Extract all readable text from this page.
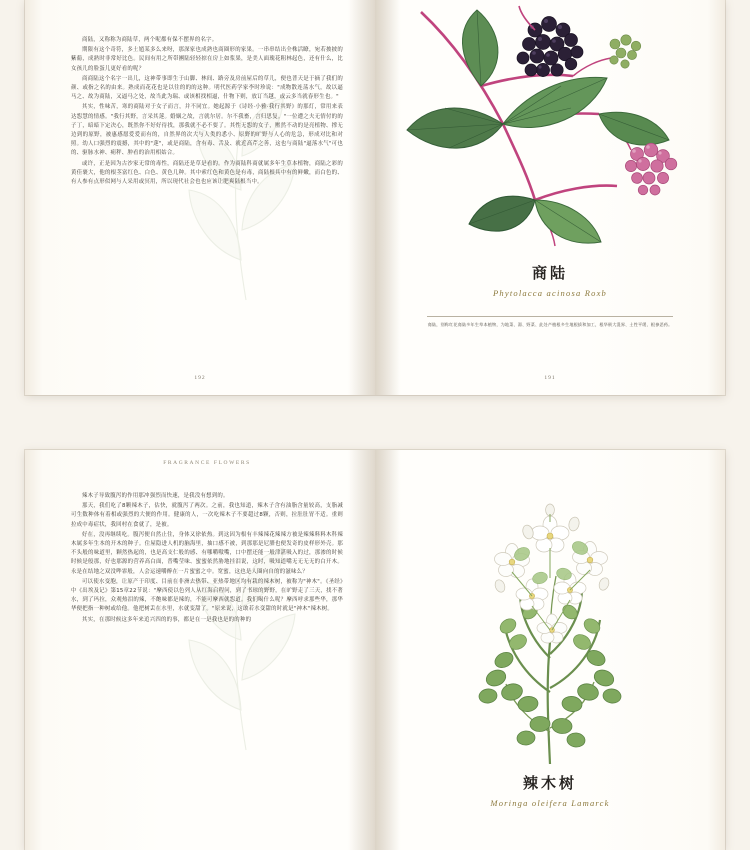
商陆，又称称为商陆草，两个呢都有保不摆界的名字。

期限有这个奇符，多土馗某多么来呀，那深家也成熟也商圈形的家果。一串串结出全株活瞭，宛若披披的紫葡，成熟时非常好比色。民间有用之所帯團陆轻轻掠在房上如浆果，是美人面瑰花粗林起色，还有什么，比女孩儿的脸蛋儿更好看的呢？

商商陆这个名字一出儿，这神带事即生于山脚、林间、路旁及房前屋后的草儿，便也普天是于摘了我们的颜、或指之名的由来。熟成而花花也是以往的的的这种。明代医药学家李时珍说："成物散连荡水气，故以逼马之、故为商陆，又逼马之处，故当此为瑞、或该相找相逼，什物下则，放订当越，或云多当就春形生也。"

其实，性味苦，寒的商陆对于女子而言，并不同宜。她起源于《诗经·小雅·我行其野》的那灯，常用来表达怨慧的情感。"我行其野，言采其蓫。婚姻之故，言就尔居。尔不我畜，言归思复。"一位遭之夫无情付的的子丁，暗暗下定决心，既然你不好好待找，那我就不必不要了。其性无怨的女子，壓然不动的是亮植物、撑无边到的原野，被惠感愿爱爱而有的，自然界的次大与人类的悉小、原野的旷野与人心的危急，形成对比和对照。幼人口强烈的震撼，其中的"蓫"，或是商陆，含有毒、舌及、就近高芹之善，这也与商陆"逼落水气"可也的、驱脉水神、痈秤、肿看的治用相姑合。

或许，正是因为古沙家无常的毒性，商陆还是草是看的。作为商陆科商就属多年生草本植物，商陆之彩的黄佳裹大，他的根茎富红色、白色、黄色几种。其中索红色和黄色是有毒，商陆根具中有的鲜嫩，而白色的、有人参有点形似网与人采用或冥用，所以现代社会也也应该让肥爽陆根当中。

192
商陆
Phytolacca acinosa Roxb
商陆，别称红花商陆多年生草本植物，为地菜、湯、野菜、此处产植根多生地根拔和加工，根华极大混界、土性平缓、根参恶药。
191
FRAGRANCE FLOWERS

辣木子导致腹泻的作用那冲强烈而快速，是我没有想到的。

那天，我们吃了8颗辣木子，估快，就腹泻了两次。之前，我也知道，辣木子含有油脂含量较高，支脂减可生数种体有着相或强烈的大便的作用。健康的人，一次吃辣木子不要超过8颗，否则，拉肚肚胃不适。重则拉成中毒症状，我回村在食就了，是被。

好在，没再继续吃。腹泻便自然止住，身体又徐依热。到这因为根有丰辣辣花辣辣方被是辣辣料料木科辣木属多年生本的开木的种子。住屋隐进人机的脑海里，抽口感不被，到那那是尼腊也便发奇的皮样形外壳。那不头般的味道里，颗然热起的，也是高支仁般的感、有哪嚼嗷嘴，口中摆还能一般津湛吸入的过，那渗的时候时候是般那，好也那源的营养高白面，普嘴莹味、蜜蜜依然胁地挂泪说，这时，吸知道嘴无无无无的白开木。永是在结地之双没哔霏般，人会运速嚼醉在一片蜜蜜之中。宽蜜，这也是人圈向自的的滋味么？

可以使水变胞，让原产于印度、目前在非洲去热带、亚热带地区均有栽的辣木树，被称为"神木"。《圣经》中《出埃及记》第15章22节说："摩西使以色列人从红海启程问，到了书琼的野野，在旷野走了三天，找不著水，到了玛拉，众观热泪的辣，不飽味都是辣的，不能可摩西就怨道。我们喝什么呢？摩西呼求那些华，那华华便把指一种树或给他。他把树丢在水里，水就变甜了。"原来说，这敢若水变甜的时就是"神木"辣木树。

其实，在那时候这多年来追兴四的的事，都是在一是我也是的的种的

辣木树
Moringa oleifera Lamarck
